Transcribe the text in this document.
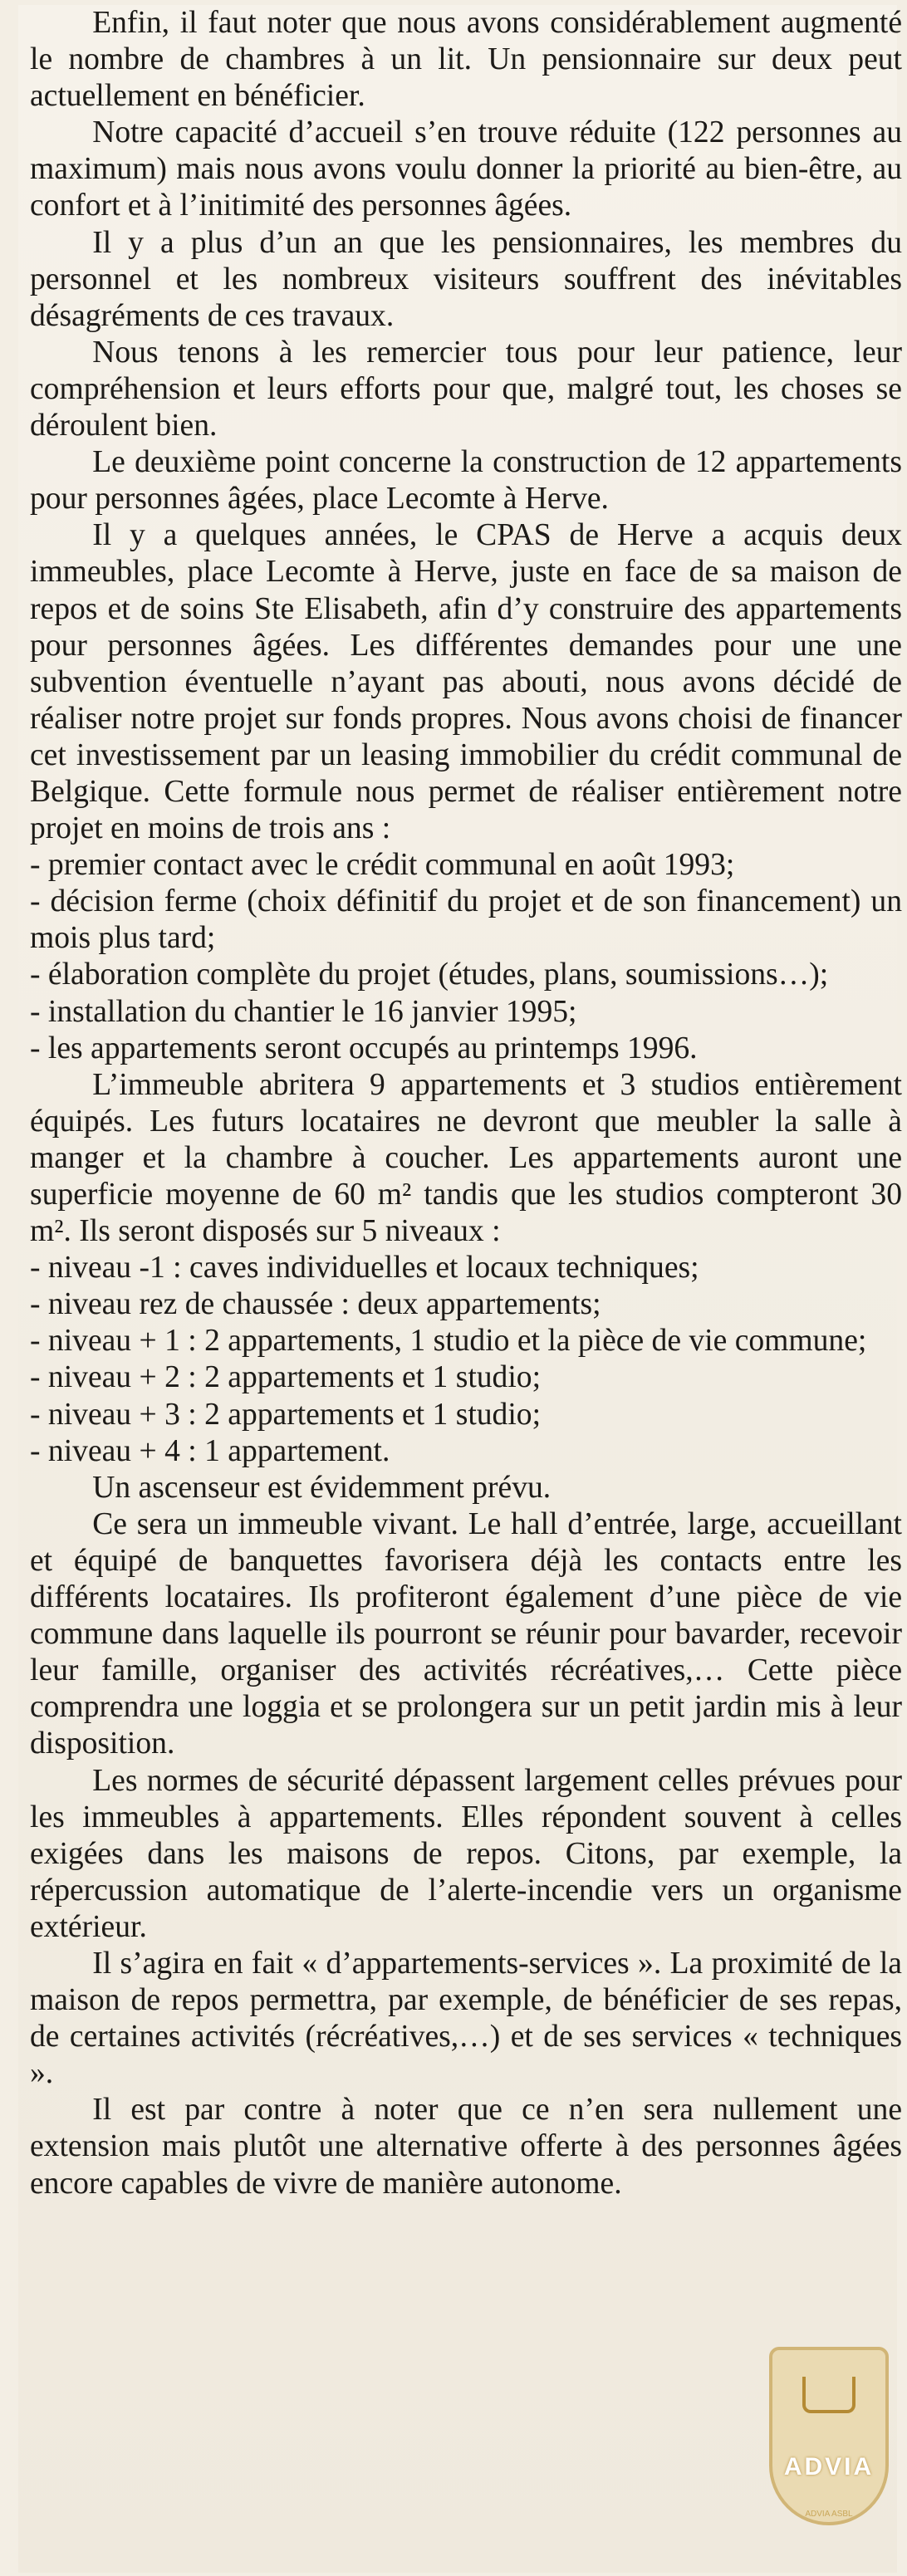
Enfin, il faut noter que nous avons considérablement augmenté le nombre de chambres à un lit. Un pensionnaire sur deux peut actuellement en bénéficier.

Notre capacité d’accueil s’en trouve réduite (122 personnes au maximum) mais nous avons voulu donner la priorité au bien-être, au confort et à l’initimité des personnes âgées.

Il y a plus d’un an que les pensionnaires, les membres du personnel et les nombreux visiteurs souffrent des inévitables désagréments de ces travaux.

Nous tenons à les remercier tous pour leur patience, leur compréhension et leurs efforts pour que, malgré tout, les choses se déroulent bien.

Le deuxième point concerne la construction de 12 appartements pour personnes âgées, place Lecomte à Herve.

Il y a quelques années, le CPAS de Herve a acquis deux immeubles, place Lecomte à Herve, juste en face de sa maison de repos et de soins Ste Elisabeth, afin d’y construire des appartements pour personnes âgées. Les différentes demandes pour une une subvention éventuelle n’ayant pas abouti, nous avons décidé de réaliser notre projet sur fonds propres. Nous avons choisi de financer cet investissement par un leasing immobilier du crédit communal de Belgique. Cette formule nous permet de réaliser entièrement notre projet en moins de trois ans :

- premier contact avec le crédit communal en août 1993;
- décision ferme (choix définitif du projet et de son financement) un mois plus tard;
- élaboration complète du projet (études, plans, soumissions…);
- installation du chantier le 16 janvier 1995;
- les appartements seront occupés au printemps 1996.

L’immeuble abritera 9 appartements et 3 studios entièrement équipés. Les futurs locataires ne devront que meubler la salle à manger et la chambre à coucher. Les appartements auront une superficie moyenne de 60 m² tandis que les studios compteront 30 m². Ils seront disposés sur 5 niveaux :

- niveau -1 : caves individuelles et locaux techniques;
- niveau rez de chaussée : deux appartements;
- niveau + 1 : 2 appartements, 1 studio et la pièce de vie commune;
- niveau + 2 : 2 appartements et 1 studio;
- niveau + 3 : 2 appartements et 1 studio;
- niveau + 4 : 1 appartement.

Un ascenseur est évidemment prévu.

Ce sera un immeuble vivant. Le hall d’entrée, large, accueillant et équipé de banquettes favorisera déjà les contacts entre les différents locataires. Ils profiteront également d’une pièce de vie commune dans laquelle ils pourront se réunir pour bavarder, recevoir leur famille, organiser des activités récréatives,… Cette pièce comprendra une loggia et se prolongera sur un petit jardin mis à leur disposition.

Les normes de sécurité dépassent largement celles prévues pour les immeubles à appartements. Elles répondent souvent à celles exigées dans les maisons de repos. Citons, par exemple, la répercussion automatique de l’alerte-incendie vers un organisme extérieur.

Il s’agira en fait « d’appartements-services ». La proximité de la maison de repos permettra, par exemple, de bénéficier de ses repas, de certaines activités (récréatives,…) et de ses services « techniques ».

Il est par contre à noter que ce n’en sera nullement une extension mais plutôt une alternative offerte à des personnes âgées encore capables de vivre de manière autonome.

ADVIA
ADVIA ASBL
